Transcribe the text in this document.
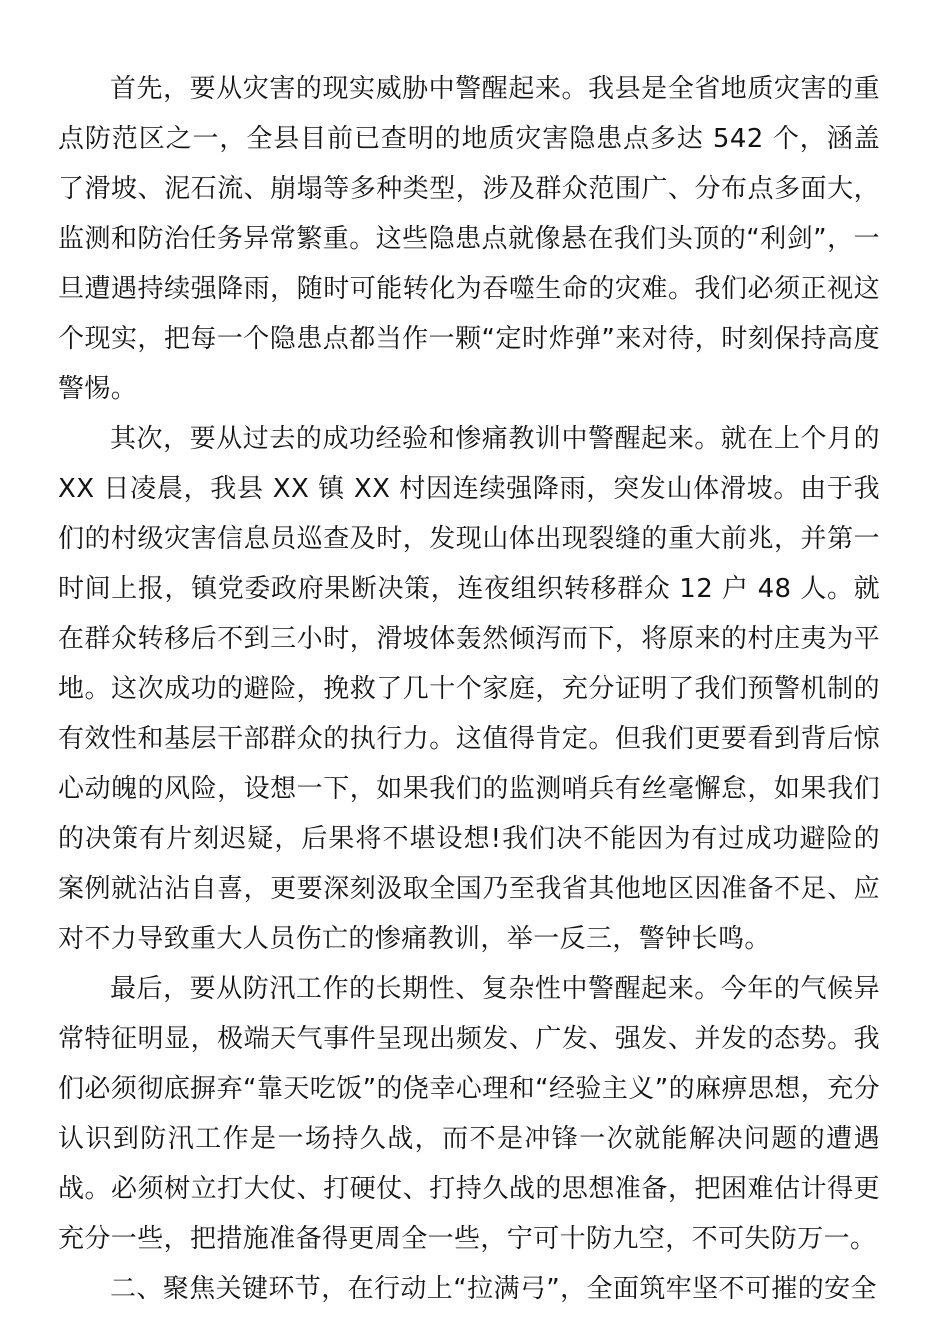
首先，要从灾害的现实威胁中警醒起来。我县是全省地质灾害的重点防范区之一，全县目前已查明的地质灾害隐患点多达 542 个，涵盖了滑坡、泥石流、崩塌等多种类型，涉及群众范围广、分布点多面大，监测和防治任务异常繁重。这些隐患点就像悬在我们头顶的“利剑”，一旦遭遇持续强降雨，随时可能转化为吞噬生命的灾难。我们必须正视这个现实，把每一个隐患点都当作一颗“定时炸弹”来对待，时刻保持高度警惕。

其次，要从过去的成功经验和惨痛教训中警醒起来。就在上个月的 XX 日凌晨，我县 XX 镇 XX 村因连续强降雨，突发山体滑坡。由于我们的村级灾害信息员巡查及时，发现山体出现裂缝的重大前兆，并第一时间上报，镇党委政府果断决策，连夜组织转移群众 12 户 48 人。就在群众转移后不到三小时，滑坡体轰然倾泻而下，将原来的村庄夷为平地。这次成功的避险，挽救了几十个家庭，充分证明了我们预警机制的有效性和基层干部群众的执行力。这值得肯定。但我们更要看到背后惊心动魄的风险，设想一下，如果我们的监测哨兵有丝毫懈怠，如果我们的决策有片刻迟疑，后果将不堪设想!我们决不能因为有过成功避险的案例就沾沾自喜，更要深刻汲取全国乃至我省其他地区因准备不足、应对不力导致重大人员伤亡的惨痛教训，举一反三，警钟长鸣。

最后，要从防汛工作的长期性、复杂性中警醒起来。今年的气候异常特征明显，极端天气事件呈现出频发、广发、强发、并发的态势。我们必须彻底摒弃“靠天吃饭”的侥幸心理和“经验主义”的麻痹思想，充分认识到防汛工作是一场持久战，而不是冲锋一次就能解决问题的遭遇战。必须树立打大仗、打硬仗、打持久战的思想准备，把困难估计得更充分一些，把措施准备得更周全一些，宁可十防九空，不可失防万一。

二、聚焦关键环节，在行动上“拉满弓”，全面筑牢坚不可摧的安全
